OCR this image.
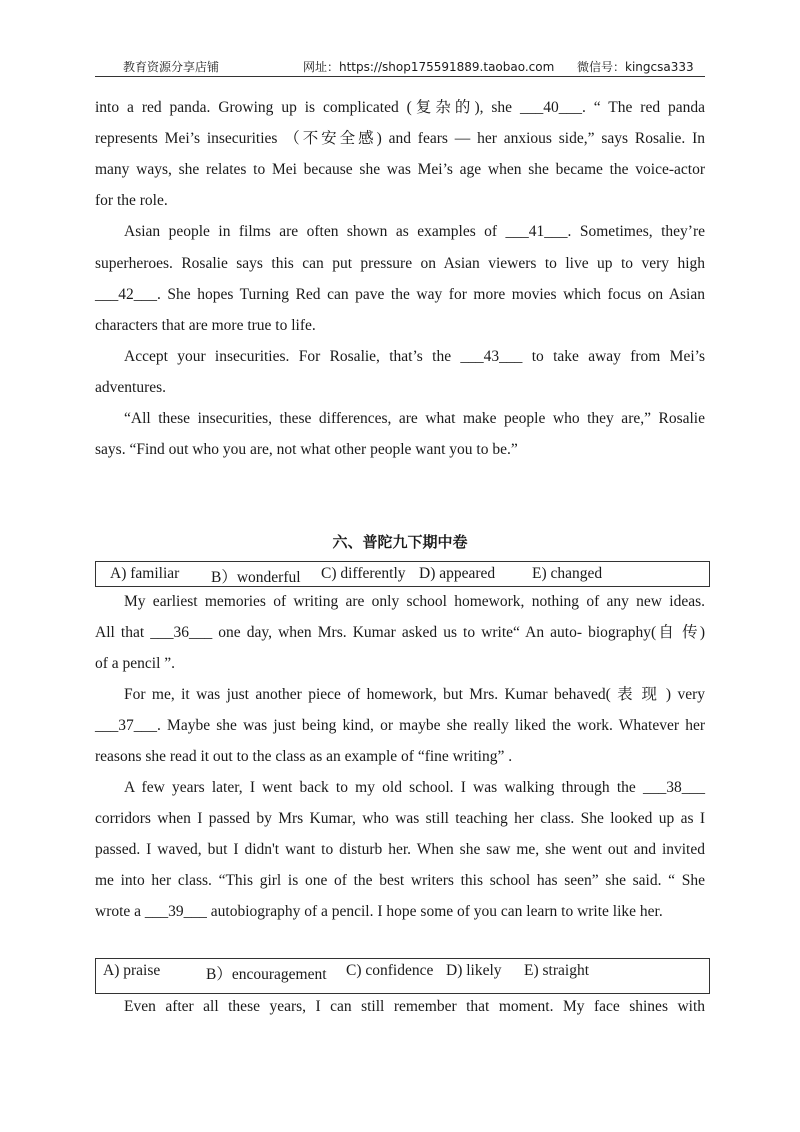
教育资源分享店铺	网址：https://shop175591889.taobao.com 微信号：kingcsa333
into a red panda. Growing up is complicated (复杂的), she ___40___. “ The red panda
represents Mei’s insecurities （不安全感) and fears — her anxious side,” says Rosalie. In
many ways, she relates to Mei because she was Mei’s age when she became the voice-actor
for the role.
Asian people in films are often shown as examples of ___41___. Sometimes, they’re
superheroes. Rosalie says this can put pressure on Asian viewers to live up to very high
___42___. She hopes Turning Red can pave the way for more movies which focus on Asian
characters that are more true to life.
Accept your insecurities. For Rosalie, that’s the ___43___ to take away from Mei’s
adventures.
“All these insecurities, these differences, are what make people who they are,” Rosalie
says. “Find out who you are, not what other people want you to be.”
六、普陀九下期中卷
A) familiar B）wonderful C) differently D) appeared E) changed
My earliest memories of writing are only school homework, nothing of any new ideas.
All that ___36___ one day, when Mrs. Kumar asked us to write“ An auto- biography(自 传)
of a pencil ”.
For me, it was just another piece of homework, but Mrs. Kumar behaved( 表 现 ) very
___37___. Maybe she was just being kind, or maybe she really liked the work. Whatever her
reasons she read it out to the class as an example of “fine writing” .
A few years later, I went back to my old school. I was walking through the ___38___
corridors when I passed by Mrs Kumar, who was still teaching her class. She looked up as I
passed. I waved, but I didn't want to disturb her. When she saw me, she went out and invited
me into her class. “This girl is one of the best writers this school has seen” she said. “ She
wrote a ___39___ autobiography of a pencil. I hope some of you can learn to write like her.
A) praise	B）encouragement C) confidence D) likely E) straight
Even after all these years, I can still remember that moment. My face shines with
